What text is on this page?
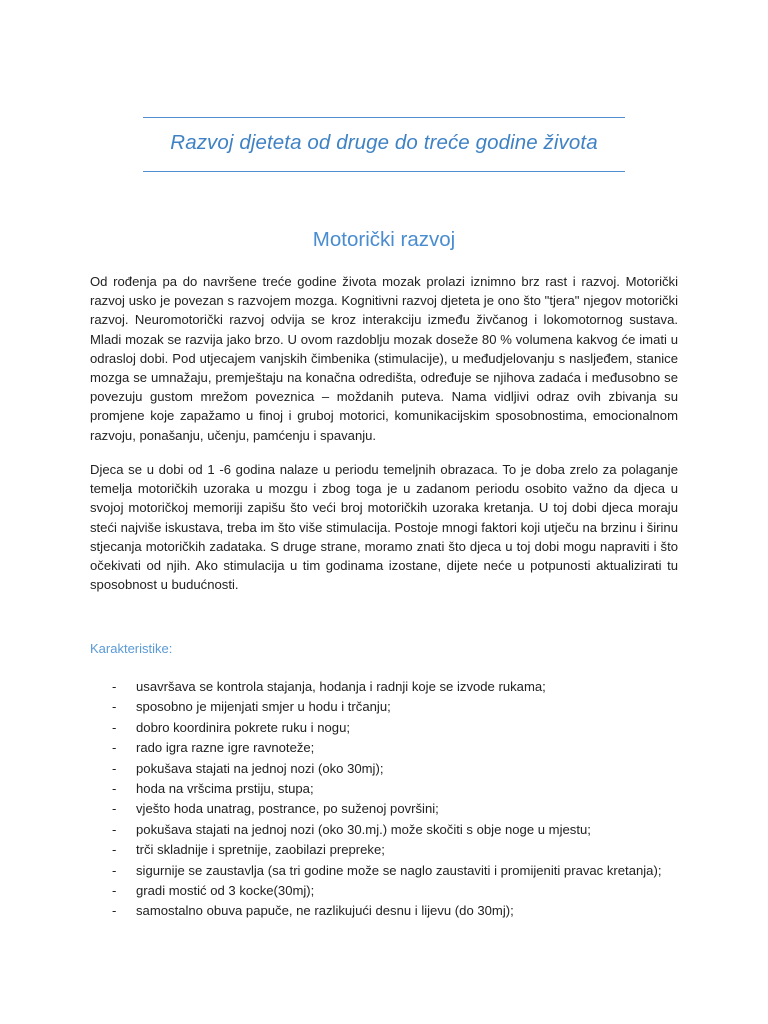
Razvoj djeteta od druge do treće godine života
Motorički razvoj
Od rođenja pa do navršene treće godine života mozak prolazi iznimno brz rast i razvoj. Motorički razvoj usko je povezan s razvojem mozga. Kognitivni razvoj djeteta je ono što "tjera" njegov motorički razvoj. Neuromotorički razvoj odvija se kroz interakciju između živčanog i lokomotornog sustava. Mladi mozak se razvija jako brzo. U ovom razdoblju mozak doseže 80 % volumena kakvog će imati u odrasloj dobi. Pod utjecajem vanjskih čimbenika (stimulacije), u međudjelovanju s nasljeđem, stanice mozga se umnažaju, premještaju na konačna odredišta, određuje se njihova zadaća i međusobno se povezuju gustom mrežom poveznica – moždanih puteva. Nama vidljivi odraz ovih zbivanja su promjene koje zapažamo u finoj i gruboj motorici, komunikacijskim sposobnostima, emocionalnom razvoju, ponašanju, učenju, pamćenju i spavanju.
Djeca se u dobi od 1 -6 godina nalaze u periodu temeljnih obrazaca. To je doba zrelo za polaganje temelja motoričkih uzoraka u mozgu i zbog toga je u zadanom periodu osobito važno da djeca u svojoj motoričkoj memoriji zapišu što veći broj motoričkih uzoraka kretanja. U toj dobi djeca moraju steći najviše iskustava, treba im što više stimulacija. Postoje mnogi faktori koji utječu na brzinu i širinu stjecanja motoričkih zadataka. S druge strane, moramo znati što djeca u toj dobi mogu napraviti i što očekivati od njih. Ako stimulacija u tim godinama izostane, dijete neće u potpunosti aktualizirati tu sposobnost u budućnosti.
Karakteristike:
- usavršava se kontrola stajanja, hodanja i radnji koje se izvode rukama;
- sposobno je mijenjati smjer u hodu i trčanju;
- dobro koordinira pokrete ruku i nogu;
- rado igra razne igre ravnoteže;
- pokušava stajati na jednoj nozi (oko 30mj);
- hoda na vršcima prstiju, stupa;
- vješto hoda unatrag, postrance, po suženoj površini;
- pokušava stajati na jednoj nozi (oko 30.mj.) može skočiti s obje noge u mjestu;
- trči skladnije i spretnije, zaobilazi prepreke;
- sigurnije se zaustavlja (sa tri godine može se naglo zaustaviti i promijeniti pravac kretanja);
- gradi mostić od 3 kocke(30mj);
- samostalno obuva papuče, ne razlikujući desnu i lijevu (do 30mj);
